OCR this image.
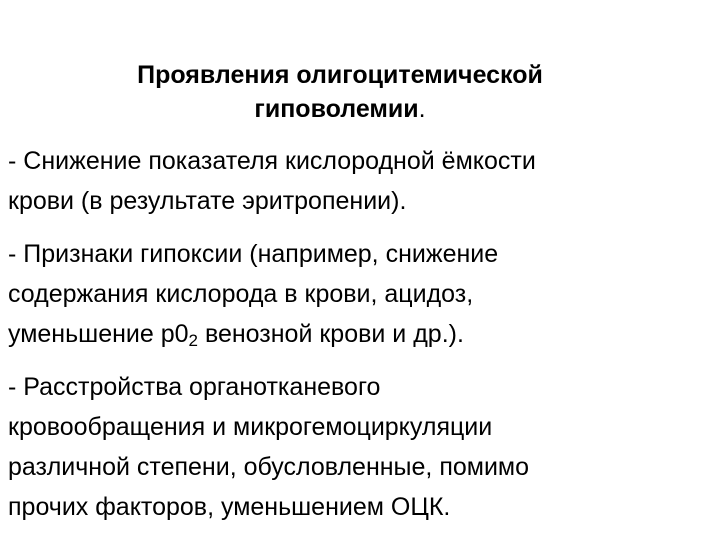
Проявления олигоцитемической
гиповолемии.
- Снижение показателя кислородной ёмкости
крови (в результате эритропении).
- Признаки гипоксии (например, снижение
содержания кислорода в крови, ацидоз,
уменьшение $р0_2$ венозной крови и др.).
- Расстройства органотканевого
кровообращения и микрогемоциркуляции
различной степени, обусловленные, помимо
прочих факторов, уменьшением ОЦК.
